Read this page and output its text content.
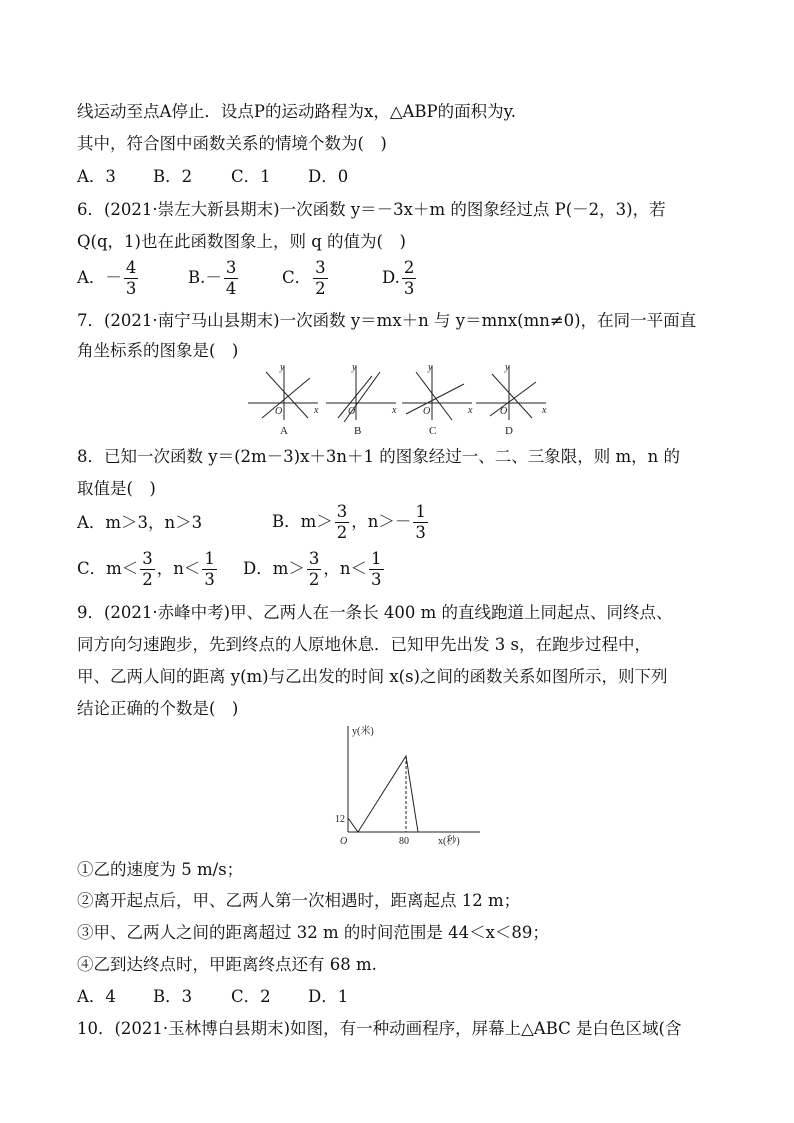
线运动至点A停止．设点P的运动路程为x，△ABP的面积为y.
其中，符合图中函数关系的情境个数为(　)
A．3 B．2 C．1 D．0
6．(2021·崇左大新县期末)一次函数 y＝－3x＋m 的图象经过点 P(－2，3)，若
Q(q，1)也在此函数图象上，则 q 的值为(　)
A．－ $\frac{4}{3}$	$B.- \frac{3}{4}$	C． $\frac{3}{2}$	D. $\frac{2}{3}$
7．(2021·南宁马山县期末)一次函数 y＝mx＋n 与 y＝mnx(mn≠0)，在同一平面直
角坐标系的图象是(　)
y
x
O
y
x
O
y
x
O
y
x
O
A	B	C	D
8．已知一次函数 y＝(2m－3)x＋3n＋1 的图象经过一、二、三象限，则 m，n 的
取值是(　)
A．m＞3，n＞3	B．$m> \frac{3}{2}$ ，$n>- \frac{1}{3}$
C．$m< \frac{3}{2}$ ，$n< \frac{1}{3}$ D．$m> \frac{3}{2}$ ，$n< \frac{1}{3}$
9．(2021·赤峰中考)甲、乙两人在一条长 400 m 的直线跑道上同起点、同终点、
同方向匀速跑步，先到终点的人原地休息．已知甲先出发 3 s，在跑步过程中，
甲、乙两人间的距离 y(m)与乙出发的时间 x(s)之间的函数关系如图所示，则下列
结论正确的个数是(　)
y(米)
x(秒)
O
12
80
①乙的速度为 5 m/s；
②离开起点后，甲、乙两人第一次相遇时，距离起点 12 m；
③甲、乙两人之间的距离超过 32 m 的时间范围是 44＜x＜89；
④乙到达终点时，甲距离终点还有 68 m.
A．4 B．3 C．2 D．1
10．(2021·玉林博白县期末)如图，有一种动画程序，屏幕上△ABC 是白色区域(含
